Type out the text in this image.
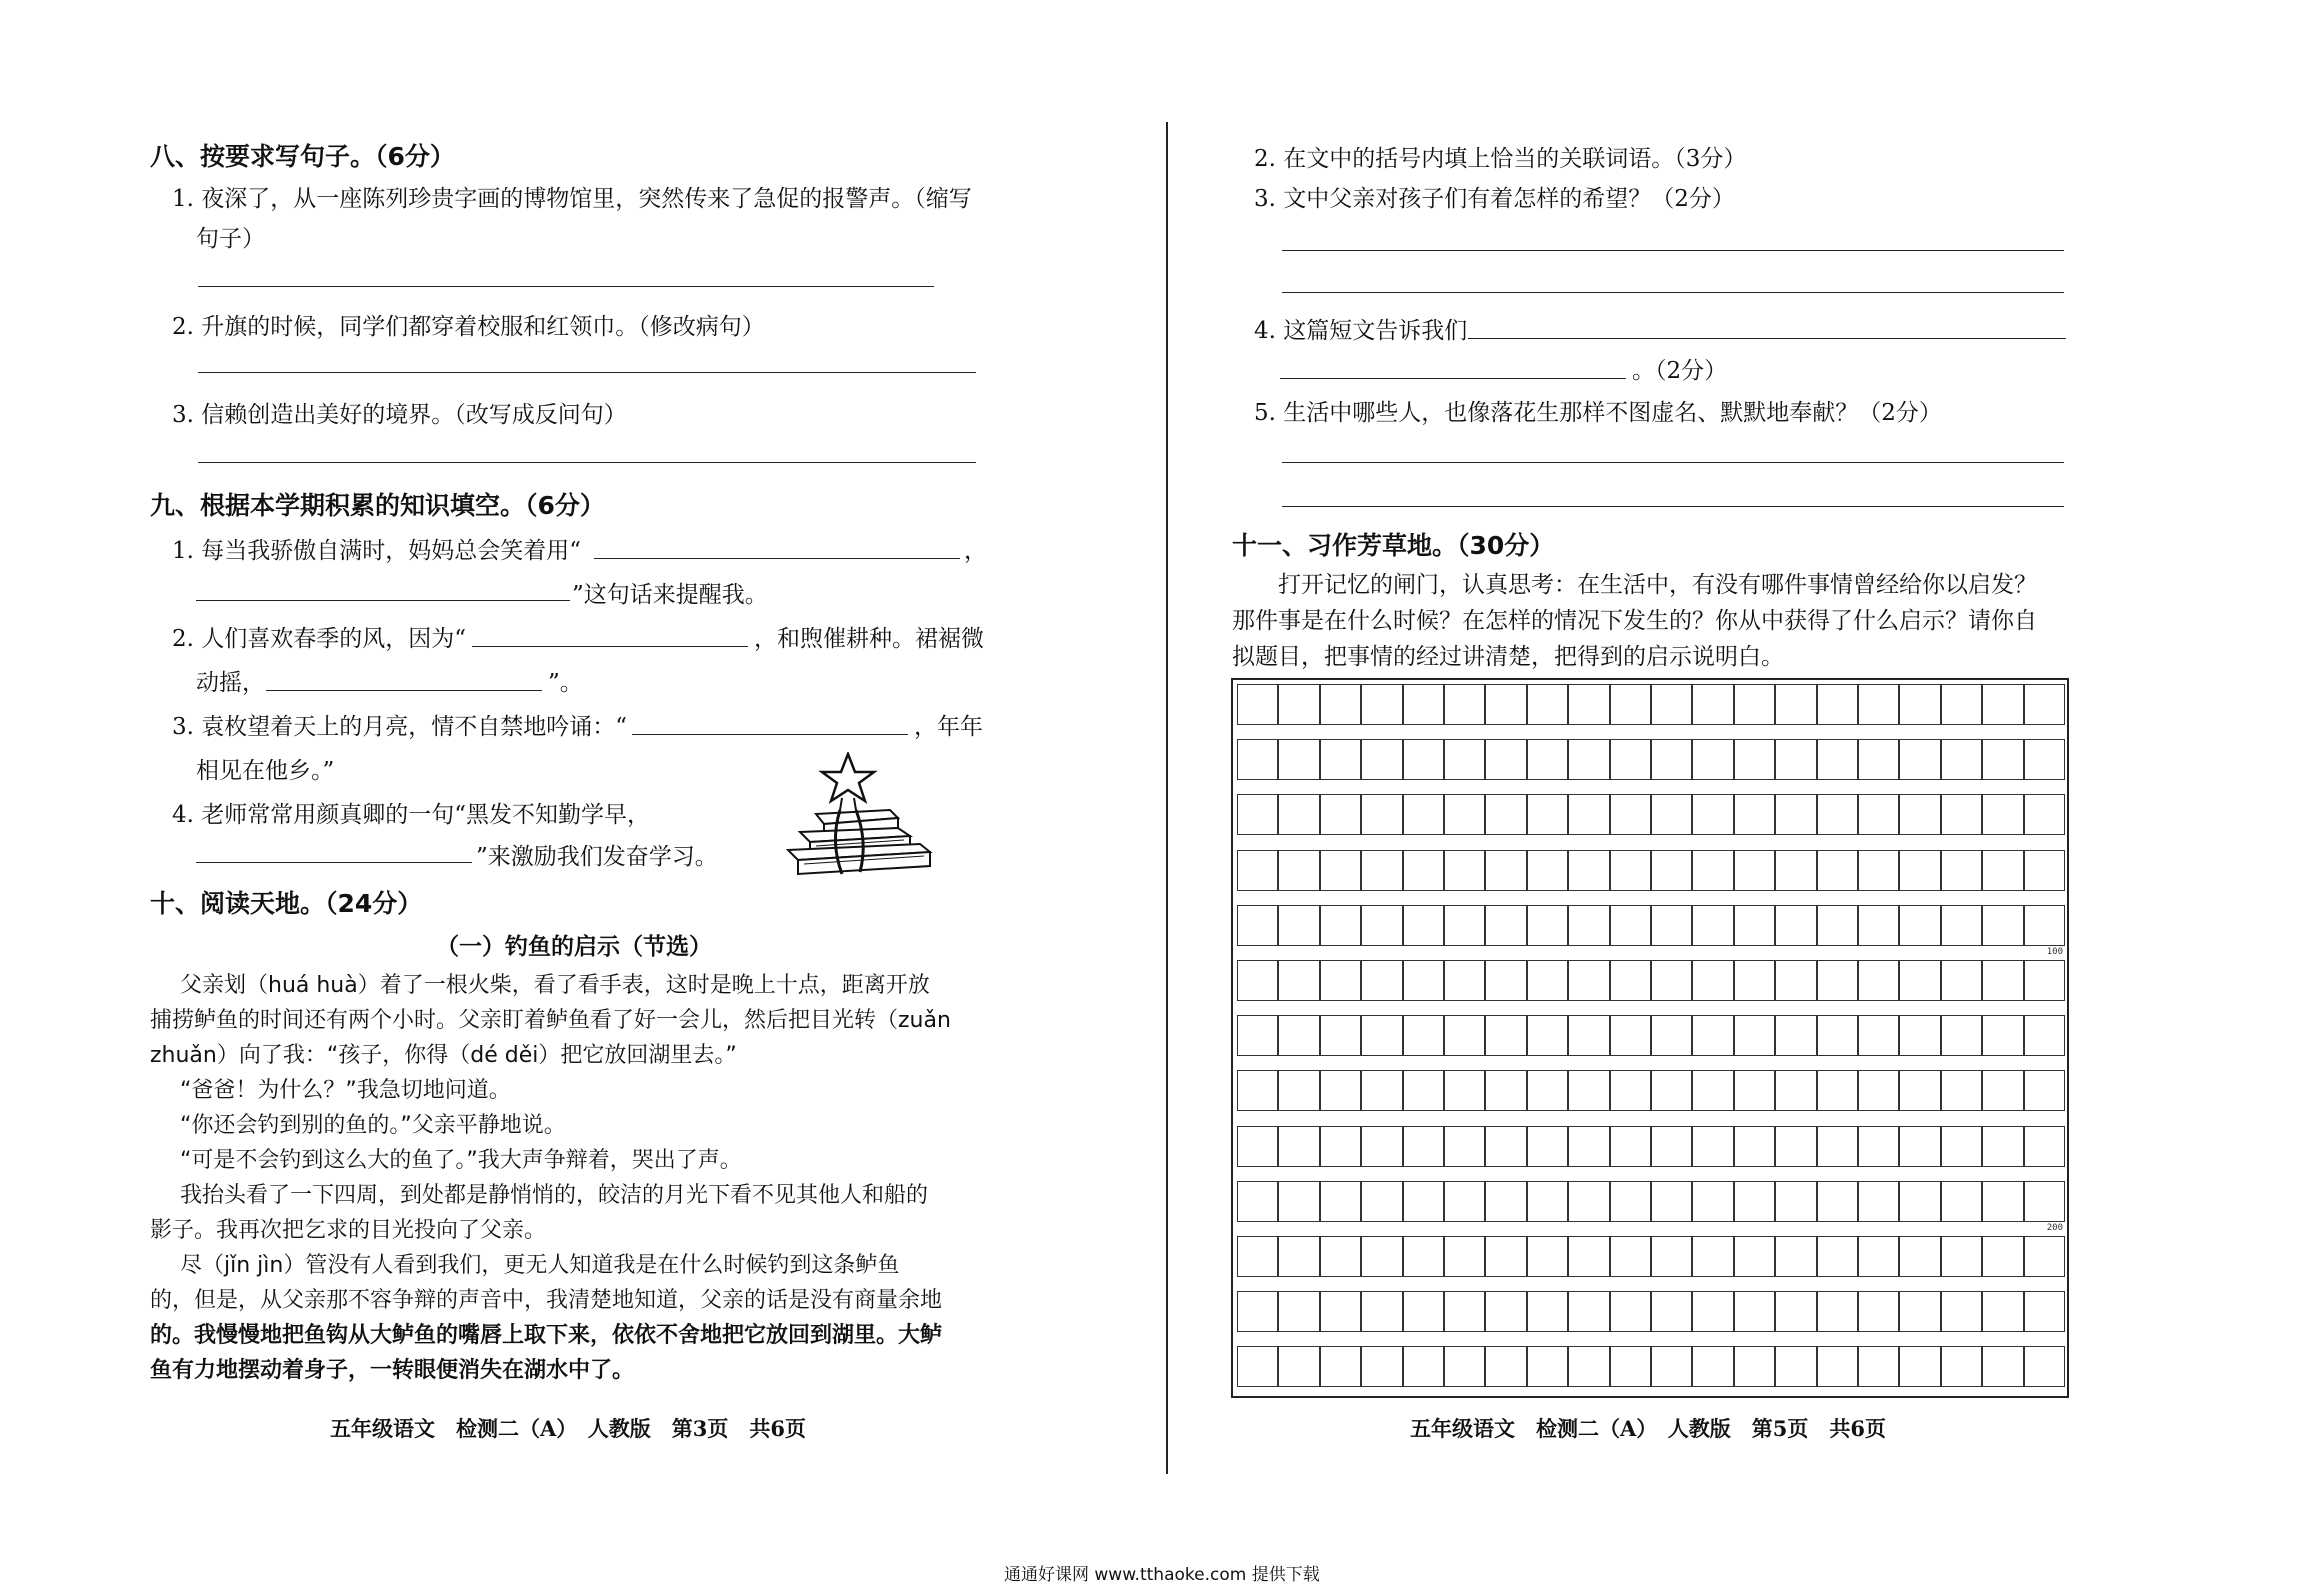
八、按要求写句子。（6分）
1. 夜深了，从一座陈列珍贵字画的博物馆里，突然传来了急促的报警声。（缩写
句子）
2. 升旗的时候，同学们都穿着校服和红领巾。（修改病句）
3. 信赖创造出美好的境界。（改写成反问句）
九、根据本学期积累的知识填空。（6分）
1. 每当我骄傲自满时，妈妈总会笑着用“	，
”这句话来提醒我。
2. 人们喜欢春季的风，因为“	，和煦催耕种。裙裾微
动摇，	”。
3. 袁枚望着天上的月亮，情不自禁地吟诵：“	，年年
相见在他乡。”
4. 老师常常用颜真卿的一句“黑发不知勤学早，
”来激励我们发奋学习。
十、阅读天地。（24分）
（一）钓鱼的启示（节选）
父亲划（huá huà）着了一根火柴，看了看手表，这时是晚上十点，距离开放
捕捞鲈鱼的时间还有两个小时。父亲盯着鲈鱼看了好一会儿，然后把目光转（zuǎn
zhuǎn）向了我：“孩子，你得（dé děi）把它放回湖里去。”
“爸爸！为什么？”我急切地问道。
“你还会钓到别的鱼的。”父亲平静地说。
“可是不会钓到这么大的鱼了。”我大声争辩着，哭出了声。
我抬头看了一下四周，到处都是静悄悄的，皎洁的月光下看不见其他人和船的
影子。我再次把乞求的目光投向了父亲。
尽（jǐn jìn）管没有人看到我们，更无人知道我是在什么时候钓到这条鲈鱼
的，但是，从父亲那不容争辩的声音中，我清楚地知道，父亲的话是没有商量余地
的。我慢慢地把鱼钩从大鲈鱼的嘴唇上取下来，依依不舍地把它放回到湖里。大鲈
鱼有力地摆动着身子，一转眼便消失在湖水中了。
五年级语文　检测二（A）　人教版　第3页　共6页
2. 在文中的括号内填上恰当的关联词语。（3分）
3. 文中父亲对孩子们有着怎样的希望？（2分）
4. 这篇短文告诉我们
。（2分）
5. 生活中哪些人，也像落花生那样不图虚名、默默地奉献？（2分）
十一、习作芳草地。（30分）
打开记忆的闸门，认真思考：在生活中，有没有哪件事情曾经给你以启发？
那件事是在什么时候？在怎样的情况下发生的？你从中获得了什么启示？请你自
拟题目，把事情的经过讲清楚，把得到的启示说明白。
100
200
五年级语文　检测二（A）　人教版　第5页　共6页
通通好课网 www.tthaoke.com 提供下载
